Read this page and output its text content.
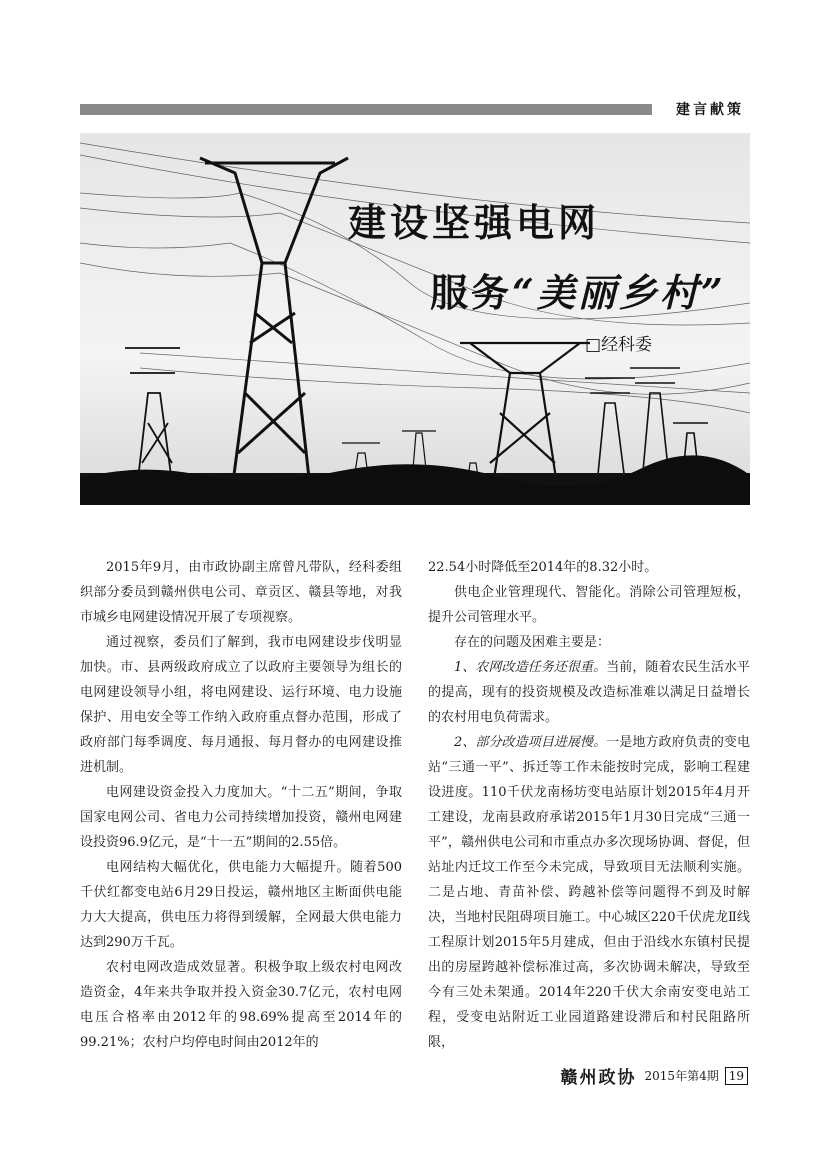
建言献策
建设坚强电网
服务“美丽乡村”
□经科委

2015年9月，由市政协副主席曾凡带队，经科委组织部分委员到赣州供电公司、章贡区、赣县等地，对我市城乡电网建设情况开展了专项视察。

通过视察，委员们了解到，我市电网建设步伐明显加快。市、县两级政府成立了以政府主要领导为组长的电网建设领导小组，将电网建设、运行环境、电力设施保护、用电安全等工作纳入政府重点督办范围，形成了政府部门每季调度、每月通报、每月督办的电网建设推进机制。

电网建设资金投入力度加大。“十二五”期间，争取国家电网公司、省电力公司持续增加投资，赣州电网建设投资96.9亿元，是“十一五”期间的2.55倍。

电网结构大幅优化，供电能力大幅提升。随着500千伏红都变电站6月29日投运，赣州地区主断面供电能力大大提高，供电压力将得到缓解，全网最大供电能力达到290万千瓦。

农村电网改造成效显著。积极争取上级农村电网改造资金，4年来共争取并投入资金30.7亿元，农村电网电压合格率由2012年的98.69%提高至2014年的99.21%；农村户均停电时间由2012年的

22.54小时降低至2014年的8.32小时。

供电企业管理现代、智能化。消除公司管理短板，提升公司管理水平。

存在的问题及困难主要是：

1、农网改造任务还很重。当前，随着农民生活水平的提高，现有的投资规模及改造标准难以满足日益增长的农村用电负荷需求。

2、部分改造项目进展慢。一是地方政府负责的变电站“三通一平”、拆迁等工作未能按时完成，影响工程建设进度。110千伏龙南杨坊变电站原计划2015年4月开工建设，龙南县政府承诺2015年1月30日完成“三通一平”，赣州供电公司和市重点办多次现场协调、督促，但站址内迁坟工作至今未完成，导致项目无法顺利实施。二是占地、青苗补偿、跨越补偿等问题得不到及时解决，当地村民阻碍项目施工。中心城区220千伏虎龙Ⅱ线工程原计划2015年5月建成，但由于沿线水东镇村民提出的房屋跨越补偿标准过高，多次协调未解决，导致至今有三处未架通。2014年220千伏大余南安变电站工程，受变电站附近工业园道路建设滞后和村民阻路所限，

赣州政协 2015年第4期 19
